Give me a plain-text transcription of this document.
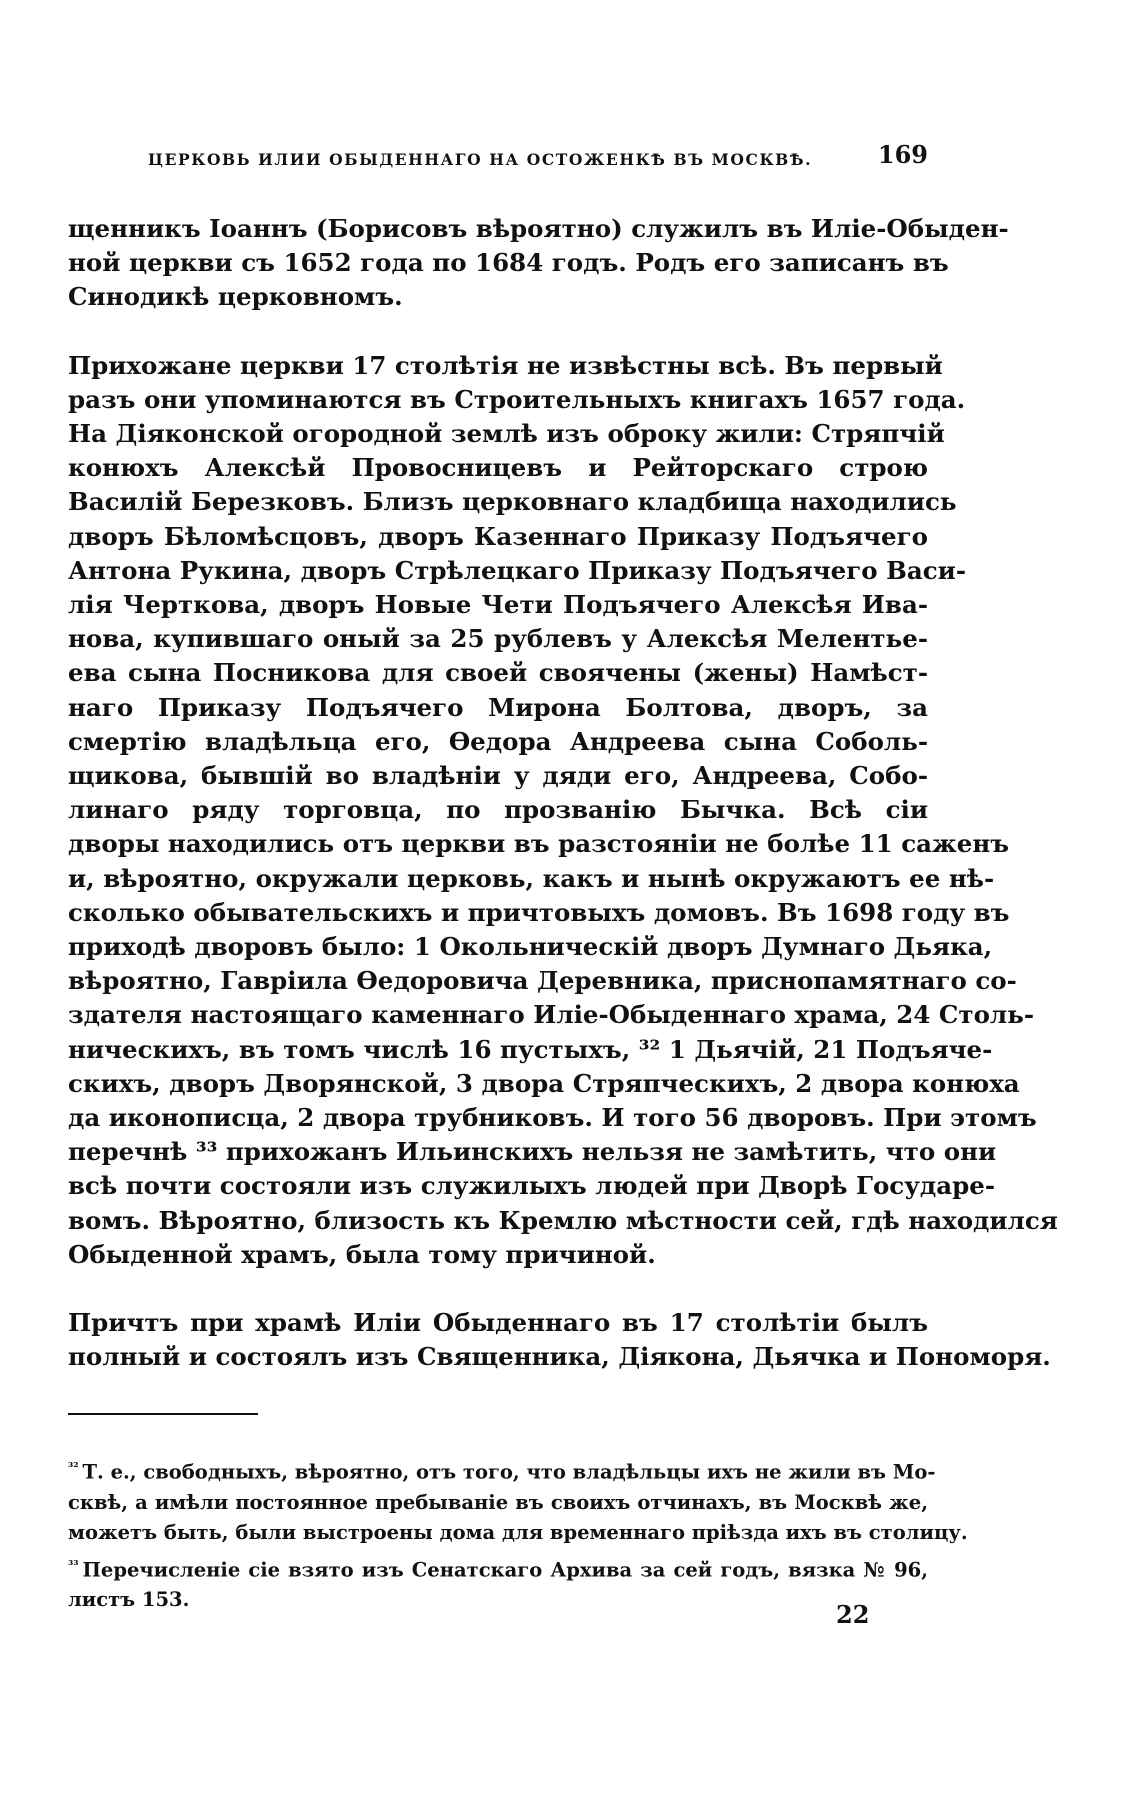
ЦЕРКОВЬ ИЛИИ ОБЫДЕННАГО НА ОСТОЖЕНКѢ ВЪ МОСКВѢ.	169
щенникъ Іоаннъ (Борисовъ вѣроятно) служилъ въ Иліе-Обыден-
ной церкви съ 1652 года по 1684 годъ. Родъ его записанъ въ
Синодикѣ церковномъ.
Прихожане церкви 17 столѣтія не извѣстны всѣ. Въ первый
разъ они упоминаются въ Строительныхъ книгахъ 1657 года.
На Діяконской огородной землѣ изъ оброку жили: Стряпчій
конюхъ Алексѣй Провосницевъ и Рейторскаго строю
Василій Березковъ. Близъ церковнаго кладбища находились
дворъ Бѣломѣсцовъ, дворъ Казеннаго Приказу Подъячего
Антона Рукина, дворъ Стрѣлецкаго Приказу Подъячего Васи-
лія Черткова, дворъ Новые Чети Подъячего Алексѣя Ива-
нова, купившаго оный за 25 рублевъ у Алексѣя Мелентье-
ева сына Посникова для своей своячены (жены) Намѣст-
наго Приказу Подъячего Мирона Болтова, дворъ, за
смертію владѣльца его, Ѳедора Андреева сына Соболь-
щикова, бывшій во владѣніи у дяди его, Андреева, Собо-
линаго ряду торговца, по прозванію Бычка. Всѣ сіи
дворы находились отъ церкви въ разстояніи не болѣе 11 саженъ
и, вѣроятно, окружали церковь, какъ и нынѣ окружаютъ ее нѣ-
сколько обывательскихъ и причтовыхъ домовъ. Въ 1698 году въ
приходѣ дворовъ было: 1 Окольническій дворъ Думнаго Дьяка,
вѣроятно, Гаврiила Ѳедоровича Деревника, приснопамятнаго со-
здателя настоящаго каменнаго Иліе-Обыденнаго храма, 24 Столь-
ническихъ, въ томъ числѣ 16 пустыхъ, ³² 1 Дьячій, 21 Подъяче-
скихъ, дворъ Дворянской, 3 двора Стряпческихъ, 2 двора конюха
да иконописца, 2 двора трубниковъ. И того 56 дворовъ. При этомъ
перечнѣ ³³ прихожанъ Ильинскихъ нельзя не замѣтить, что они
всѣ почти состояли изъ служилыхъ людей при Дворѣ Государе-
вомъ. Вѣроятно, близость къ Кремлю мѣстности сей, гдѣ находился
Обыденной храмъ, была тому причиной.
Причтъ при храмѣ Иліи Обыденнаго въ 17 столѣтіи былъ
полный и состоялъ изъ Священника, Діякона, Дьячка и Пономоря.
$^{^{32}}$ Т. е., свободныхъ, вѣроятно, отъ того, что владѣльцы ихъ не жили въ Мо-
сквѣ, а имѣли постоянное пребываніе въ своихъ отчинахъ, въ Москвѣ же,
можетъ быть, были выстроены дома для временнаго пріѣзда ихъ въ столицу.
$^{^{33}}$ Перечисленіе сіе взято изъ Сенатскаго Архива за сей годъ, вязка № 96,
листъ 153.
22
